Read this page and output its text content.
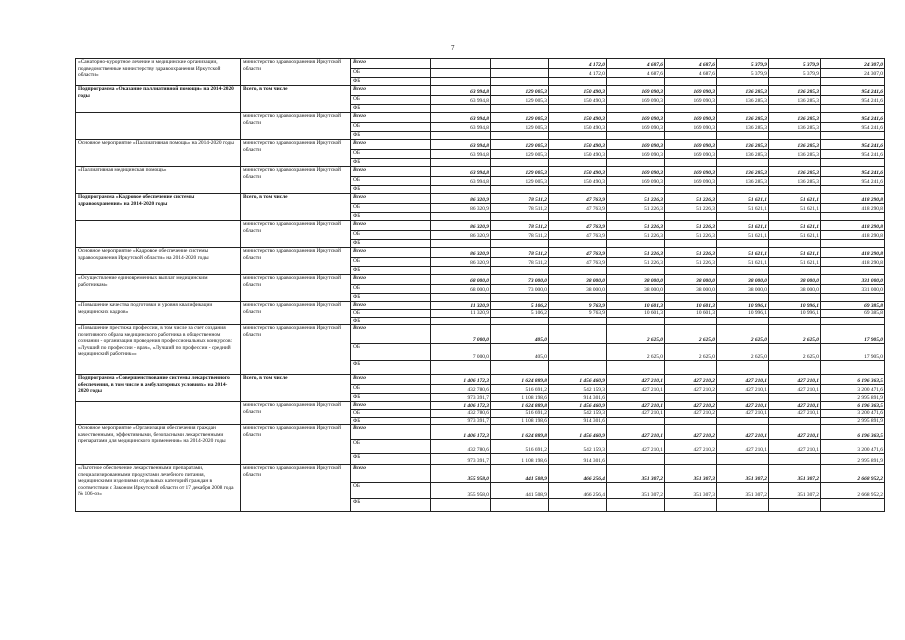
7
«Санаторно-курортное лечение и медицинские организации, подведомственные министерству здравоохранения Иркутской области»	министерство здравоохранения Иркутской области	Всего			4 172,0	4 687,6	4 687,6	5 379,9	5 379,9	24 307,0
		ОБ			4 172,0	4 687,6	4 687,6	5 379,9	5 379,9	24 307,0
		ФБ								
Подпрограмма «Оказание паллиативной помощи» на 2014-2020 годы	Всего, в том числе	Всего	63 994,8	129 005,3	150 490,3	169 090,3	169 090,3	136 285,3	136 285,3	954 241,6
		ОБ	63 994,8	129 005,3	150 490,3	169 090,3	169 090,3	136 285,3	136 285,3	954 241,6
		ФБ								
	министерство здравоохранения Иркутской области	Всего	63 994,8	129 005,3	150 490,3	169 090,3	169 090,3	136 285,3	136 285,3	954 241,6
		ОБ	63 994,8	129 005,3	150 490,3	169 090,3	169 090,3	136 285,3	136 285,3	954 241,6
		ФБ								
Основное мероприятие «Паллиативная помощь» на 2014-2020 годы	министерство здравоохранения Иркутской области	Всего	63 994,8	129 005,3	150 490,3	169 090,3	169 090,3	136 285,3	136 285,3	954 241,6
		ОБ	63 994,8	129 005,3	150 490,3	169 090,3	169 090,3	136 285,3	136 285,3	954 241,6
		ФБ								
«Паллиативная медицинская помощь»	министерство здравоохранения Иркутской области	Всего	63 994,8	129 005,3	150 490,3	169 090,3	169 090,3	136 285,3	136 285,3	954 241,6
		ОБ	63 994,8	129 005,3	150 490,3	169 090,3	169 090,3	136 285,3	136 285,3	954 241,6
		ФБ								
Подпрограмма «Кадровое обеспечение системы здравоохранения» на 2014-2020 годы	Всего, в том числе	Всего	86 320,9	78 511,2	47 763,9	51 226,3	51 226,3	51 621,1	51 621,1	418 290,8
		ОБ	86 320,9	78 511,2	47 763,9	51 226,3	51 226,3	51 621,1	51 621,1	418 290,8
		ФБ								
	министерство здравоохранения Иркутской области	Всего	86 320,9	78 511,2	47 763,9	51 226,3	51 226,3	51 621,1	51 621,1	418 290,8
		ОБ	86 320,9	78 511,2	47 763,9	51 226,3	51 226,3	51 621,1	51 621,1	418 290,8
		ФБ								
Основное мероприятие «Кадровое обеспечение системы здравоохранения Иркутской области» на 2014-2020 годы	министерство здравоохранения Иркутской области	Всего	86 320,9	78 511,2	47 763,9	51 226,3	51 226,3	51 621,1	51 621,1	418 290,8
		ОБ	86 320,9	78 511,2	47 763,9	51 226,3	51 226,3	51 621,1	51 621,1	418 290,8
		ФБ								
«Осуществление единовременных выплат медицинским работникам»	министерство здравоохранения Иркутской области	Всего	68 000,0	73 000,0	38 000,0	38 000,0	38 000,0	38 000,0	38 000,0	331 000,0
		ОБ	68 000,0	73 000,0	38 000,0	38 000,0	38 000,0	38 000,0	38 000,0	331 000,0
		ФБ								
«Повышение качества подготовки и уровня квалификации медицинских кадров»	министерство здравоохранения Иркутской области	Всего	11 320,9	5 106,2	9 763,9	10 601,3	10 601,3	10 996,1	10 996,1	69 385,8
		ОБ	11 320,9	5 106,2	9 763,9	10 601,3	10 601,3	10 996,1	10 996,1	69 385,8
		ФБ								
«Повышение престижа профессии, в том числе за счет создания позитивного образа медицинского работника в общественном сознании - организация проведения профессиональных конкурсов: «Лучший по профессии - врач», «Лучший по профессии - средний медицинский работник»»	министерство здравоохранения Иркутской области	Всего	7 000,0	405,0		2 625,0	2 625,0	2 625,0	2 625,0	17 905,0
		ОБ	7 000,0	405,0		2 625,0	2 625,0	2 625,0	2 625,0	17 905,0
		ФБ								
Подпрограмма «Совершенствование системы лекарственного обеспечения, в том числе в амбулаторных условиях» на 2014-2020 годы	Всего, в том числе	Всего	1 406 172,3	1 624 889,8	1 456 460,9	427 210,1	427 210,2	427 210,1	427 210,1	6 196 363,5
		ОБ	432 780,6	516 691,2	542 159,3	427 210,1	427 210,2	427 210,1	427 210,1	3 200 471,6
		ФБ	973 391,7	1 108 198,6	914 301,6					2 995 891,9
	министерство здравоохранения Иркутской области	Всего	1 406 172,3	1 624 889,8	1 456 460,9	427 210,1	427 210,2	427 210,1	427 210,1	6 196 363,5
		ОБ	432 780,6	516 691,2	542 159,3	427 210,1	427 210,2	427 210,1	427 210,1	3 200 471,6
		ФБ	973 391,7	1 108 198,6	914 301,6					2 995 891,9
Основное мероприятие «Организация обеспечения граждан качественными, эффективными, безопасными лекарственными препаратами для медицинского применения» на 2014-2020 годы	министерство здравоохранения Иркутской области	Всего	1 406 172,3	1 624 889,8	1 456 460,9	427 210,1	427 210,2	427 210,1	427 210,1	6 196 363,5
		ОБ	432 780,6	516 691,2	542 159,3	427 210,1	427 210,2	427 210,1	427 210,1	3 200 471,6
		ФБ	973 391,7	1 108 198,6	914 301,6					2 995 891,9
«Льготное обеспечение лекарственными препаратами, специализированными продуктами лечебного питания, медицинскими изделиями отдельных категорий граждан в соответствии с Законом Иркутской области от 17 декабря 2008 года № 106-оз»	министерство здравоохранения Иркутской области	Всего	355 958,0	441 508,9	466 256,4	351 307,2	351 307,3	351 307,2	351 307,2	2 668 952,2
		ОБ	355 958,0	441 508,9	466 256,4	351 307,2	351 307,3	351 307,2	351 307,2	2 668 952,2
		ФБ								
